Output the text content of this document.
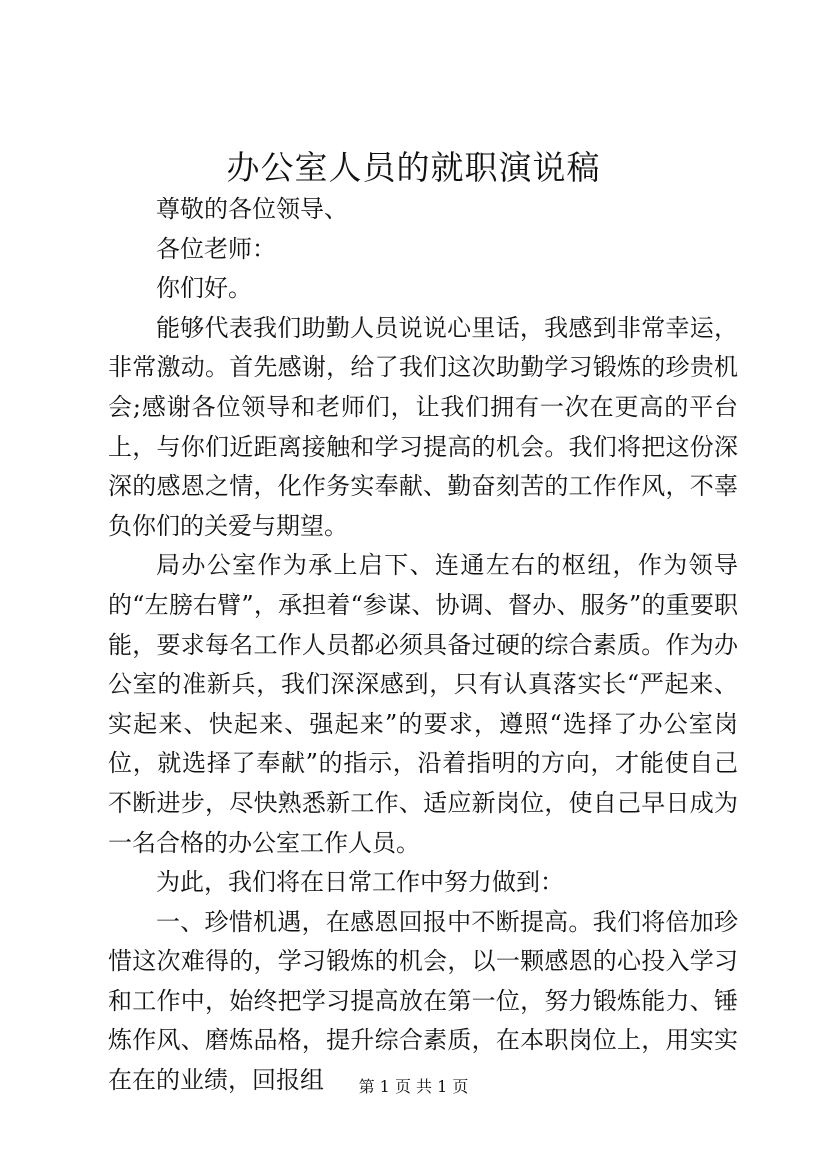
办公室人员的就职演说稿

尊敬的各位领导、

各位老师：

你们好。

能够代表我们助勤人员说说心里话，我感到非常幸运，非常激动。首先感谢，给了我们这次助勤学习锻炼的珍贵机会;感谢各位领导和老师们，让我们拥有一次在更高的平台上，与你们近距离接触和学习提高的机会。我们将把这份深深的感恩之情，化作务实奉献、勤奋刻苦的工作作风，不辜负你们的关爱与期望。

局办公室作为承上启下、连通左右的枢纽，作为领导的“左膀右臂”，承担着“参谋、协调、督办、服务”的重要职能，要求每名工作人员都必须具备过硬的综合素质。作为办公室的准新兵，我们深深感到，只有认真落实长“严起来、实起来、快起来、强起来”的要求，遵照“选择了办公室岗位，就选择了奉献”的指示，沿着指明的方向，才能使自己不断进步，尽快熟悉新工作、适应新岗位，使自己早日成为一名合格的办公室工作人员。

为此，我们将在日常工作中努力做到：

一、珍惜机遇，在感恩回报中不断提高。我们将倍加珍惜这次难得的，学习锻炼的机会，以一颗感恩的心投入学习和工作中，始终把学习提高放在第一位，努力锻炼能力、锤炼作风、磨炼品格，提升综合素质，在本职岗位上，用实实在在的业绩，回报组	第 1 页 共 1 页
